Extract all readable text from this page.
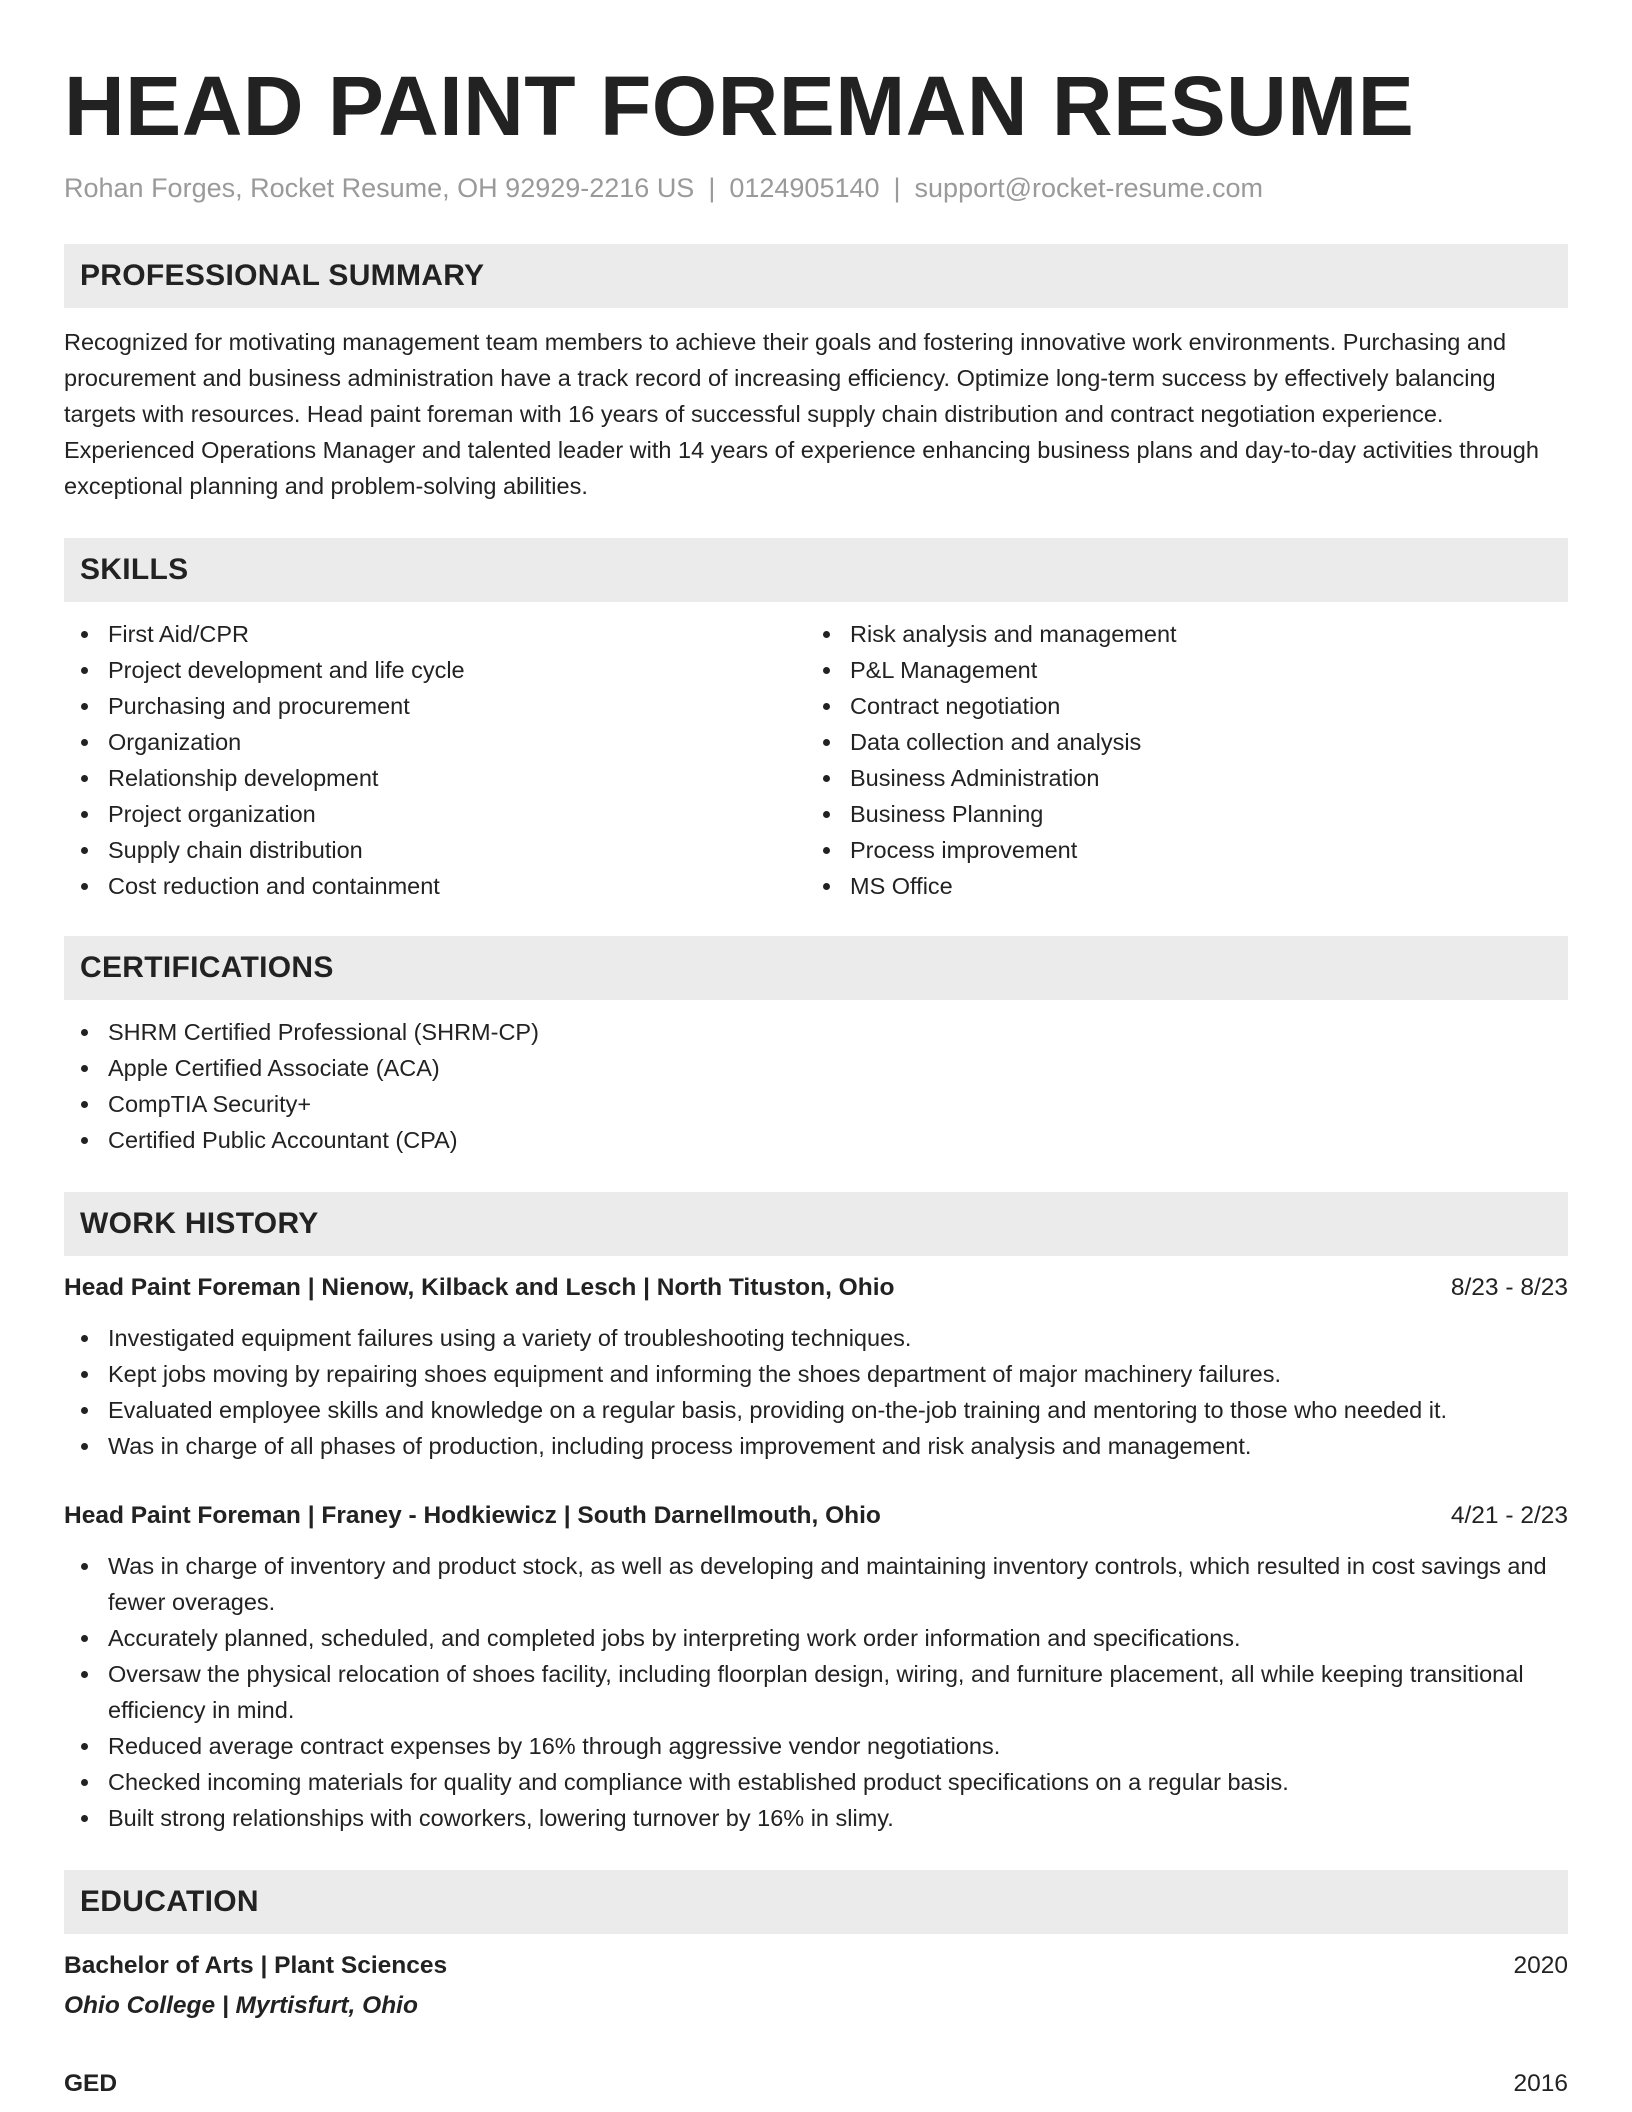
HEAD PAINT FOREMAN RESUME
Rohan Forges, Rocket Resume, OH 92929-2216 US | 0124905140 | support@rocket-resume.com
PROFESSIONAL SUMMARY

Recognized for motivating management team members to achieve their goals and fostering innovative work environments. Purchasing and procurement and business administration have a track record of increasing efficiency. Optimize long-term success by effectively balancing targets with resources. Head paint foreman with 16 years of successful supply chain distribution and contract negotiation experience. Experienced Operations Manager and talented leader with 14 years of experience enhancing business plans and day-to-day activities through exceptional planning and problem-solving abilities.

SKILLS
First Aid/CPR
Project development and life cycle
Purchasing and procurement
Organization
Relationship development
Project organization
Supply chain distribution
Cost reduction and containment
Risk analysis and management
P&L Management
Contract negotiation
Data collection and analysis
Business Administration
Business Planning
Process improvement
MS Office
CERTIFICATIONS
SHRM Certified Professional (SHRM-CP)
Apple Certified Associate (ACA)
CompTIA Security+
Certified Public Accountant (CPA)
WORK HISTORY
Head Paint Foreman | Nienow, Kilback and Lesch | North Tituston, Ohio	8/23 - 8/23
Investigated equipment failures using a variety of troubleshooting techniques.
Kept jobs moving by repairing shoes equipment and informing the shoes department of major machinery failures.
Evaluated employee skills and knowledge on a regular basis, providing on-the-job training and mentoring to those who needed it.
Was in charge of all phases of production, including process improvement and risk analysis and management.
Head Paint Foreman | Franey - Hodkiewicz | South Darnellmouth, Ohio	4/21 - 2/23
Was in charge of inventory and product stock, as well as developing and maintaining inventory controls, which resulted in cost savings and fewer overages.
Accurately planned, scheduled, and completed jobs by interpreting work order information and specifications.
Oversaw the physical relocation of shoes facility, including floorplan design, wiring, and furniture placement, all while keeping transitional efficiency in mind.
Reduced average contract expenses by 16% through aggressive vendor negotiations.
Checked incoming materials for quality and compliance with established product specifications on a regular basis.
Built strong relationships with coworkers, lowering turnover by 16% in slimy.
EDUCATION
Bachelor of Arts | Plant Sciences	2020
Ohio College | Myrtisfurt, Ohio
GED	2016
